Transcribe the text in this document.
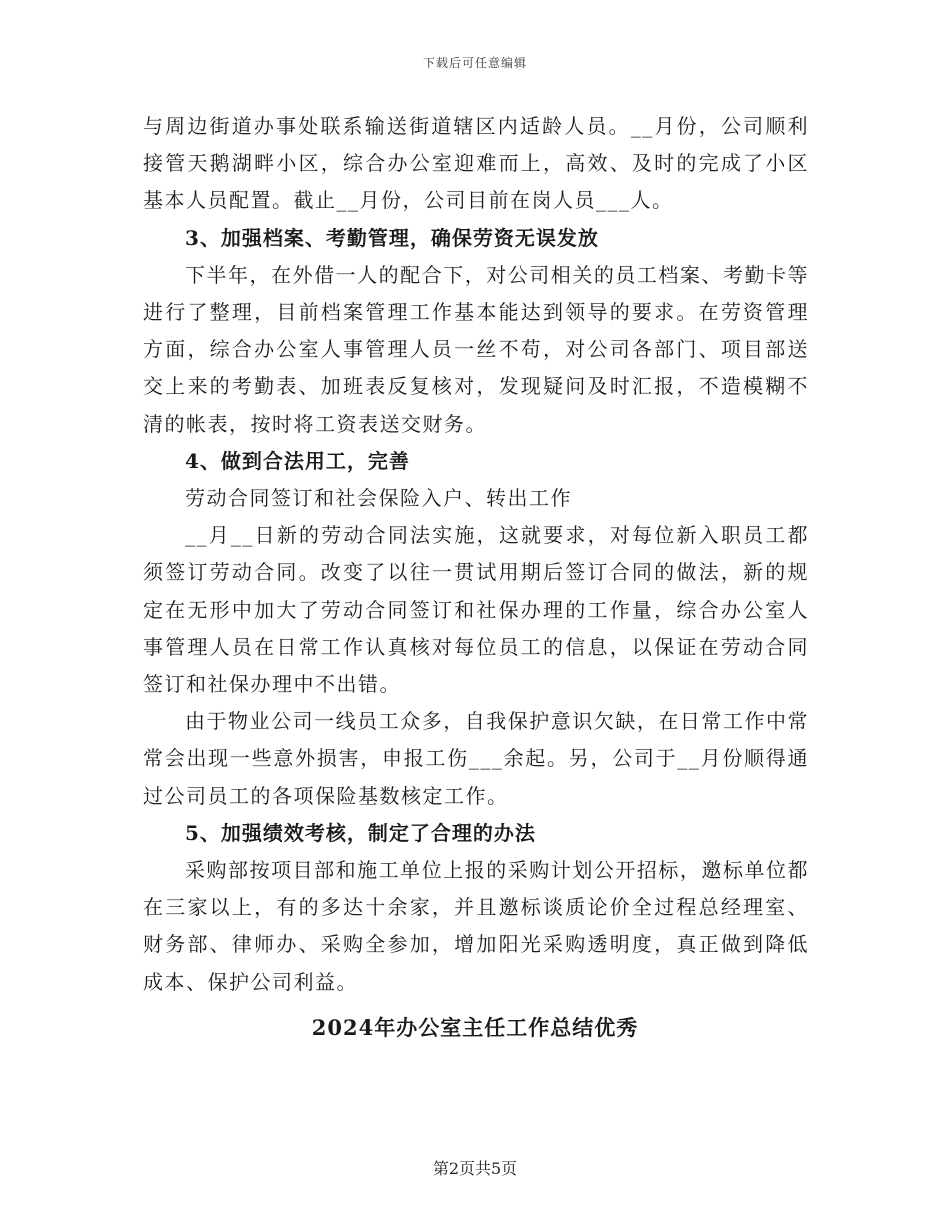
下载后可任意编辑

与周边街道办事处联系输送街道辖区内适龄人员。__月份，公司顺利接管天鹅湖畔小区，综合办公室迎难而上，高效、及时的完成了小区基本人员配置。截止__月份，公司目前在岗人员___人。

3、加强档案、考勤管理，确保劳资无误发放

下半年，在外借一人的配合下，对公司相关的员工档案、考勤卡等进行了整理，目前档案管理工作基本能达到领导的要求。在劳资管理方面，综合办公室人事管理人员一丝不苟，对公司各部门、项目部送交上来的考勤表、加班表反复核对，发现疑问及时汇报，不造模糊不清的帐表，按时将工资表送交财务。

4、做到合法用工，完善

劳动合同签订和社会保险入户、转出工作

__月__日新的劳动合同法实施，这就要求，对每位新入职员工都须签订劳动合同。改变了以往一贯试用期后签订合同的做法，新的规定在无形中加大了劳动合同签订和社保办理的工作量，综合办公室人事管理人员在日常工作认真核对每位员工的信息，以保证在劳动合同签订和社保办理中不出错。

由于物业公司一线员工众多，自我保护意识欠缺，在日常工作中常常会出现一些意外损害，申报工伤___余起。另，公司于__月份顺得通过公司员工的各项保险基数核定工作。

5、加强绩效考核，制定了合理的办法

采购部按项目部和施工单位上报的采购计划公开招标，邀标单位都在三家以上，有的多达十余家，并且邀标谈质论价全过程总经理室、财务部、律师办、采购全参加，增加阳光采购透明度，真正做到降低成本、保护公司利益。

2024年办公室主任工作总结优秀
第2页共5页
